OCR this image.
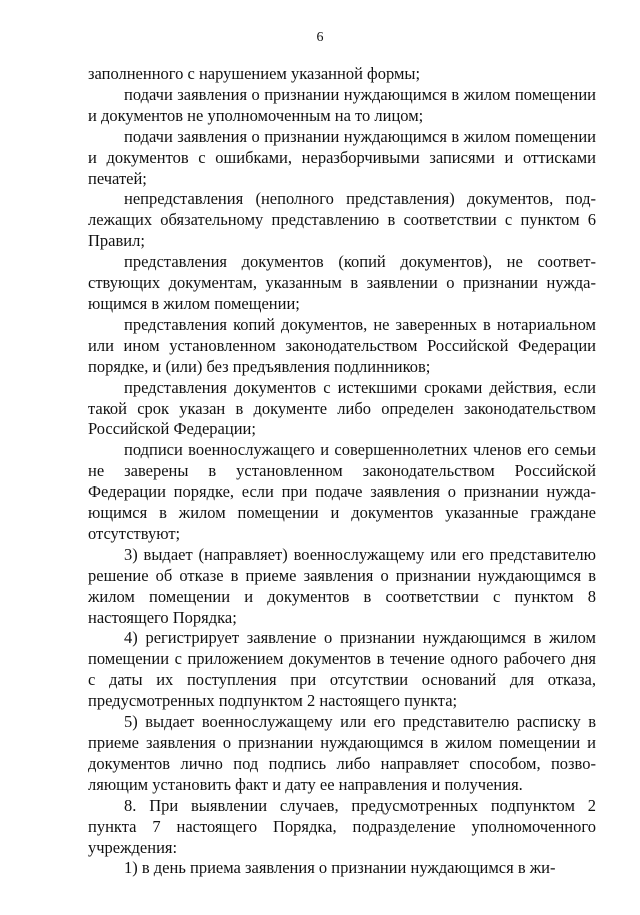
6

заполненного с нарушением указанной формы;

подачи заявления о признании нуждающимся в жилом помещении и документов не уполномоченным на то лицом;

подачи заявления о признании нуждающимся в жилом помещении и документов с ошибками, неразборчивыми записями и оттисками печатей;

непредставления (неполного представления) документов, подлежащих обязательному представлению в соответствии с пунктом 6 Правил;

представления документов (копий документов), не соответствующих документам, указанным в заявлении о признании нуждающимся в жилом помещении;

представления копий документов, не заверенных в нотариальном или ином установленном законодательством Российской Федерации порядке, и (или) без предъявления подлинников;

представления документов с истекшими сроками действия, если такой срок указан в документе либо определен законодательством Российской Федерации;

подписи военнослужащего и совершеннолетних членов его семьи не заверены в установленном законодательством Российской Федерации порядке, если при подаче заявления о признании нуждающимся в жилом помещении и документов указанные граждане отсутствуют;

3) выдает (направляет) военнослужащему или его представителю решение об отказе в приеме заявления о признании нуждающимся в жилом помещении и документов в соответствии с пунктом 8 настоящего Порядка;

4) регистрирует заявление о признании нуждающимся в жилом помещении с приложением документов в течение одного рабочего дня с даты их поступления при отсутствии оснований для отказа, предусмотренных подпунктом 2 настоящего пункта;

5) выдает военнослужащему или его представителю расписку в приеме заявления о признании нуждающимся в жилом помещении и документов лично под подпись либо направляет способом, позволяющим установить факт и дату ее направления и получения.

8. При выявлении случаев, предусмотренных подпунктом 2 пункта 7 настоящего Порядка, подразделение уполномоченного учреждения:

1) в день приема заявления о признании нуждающимся в жи-
